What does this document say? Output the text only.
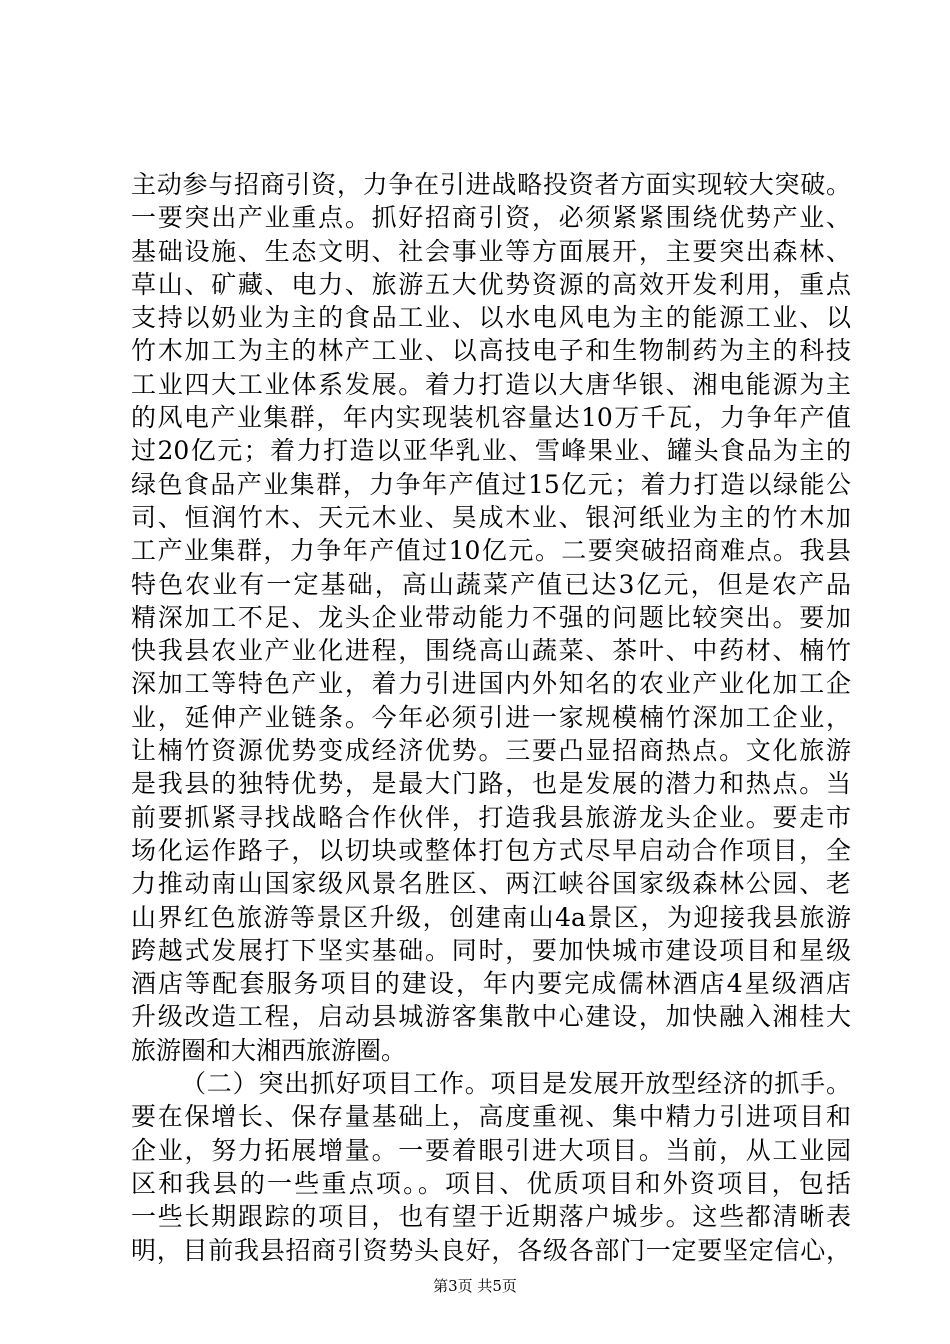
主动参与招商引资，力争在引进战略投资者方面实现较大突破。
一要突出产业重点。抓好招商引资，必须紧紧围绕优势产业、
基础设施、生态文明、社会事业等方面展开，主要突出森林、
草山、矿藏、电力、旅游五大优势资源的高效开发利用，重点
支持以奶业为主的食品工业、以水电风电为主的能源工业、以
竹木加工为主的林产工业、以高技电子和生物制药为主的科技
工业四大工业体系发展。着力打造以大唐华银、湘电能源为主
的风电产业集群，年内实现装机容量达10万千瓦，力争年产值
过20亿元；着力打造以亚华乳业、雪峰果业、罐头食品为主的
绿色食品产业集群，力争年产值过15亿元；着力打造以绿能公
司、恒润竹木、天元木业、昊成木业、银河纸业为主的竹木加
工产业集群，力争年产值过10亿元。二要突破招商难点。我县
特色农业有一定基础，高山蔬菜产值已达3亿元，但是农产品
精深加工不足、龙头企业带动能力不强的问题比较突出。要加
快我县农业产业化进程，围绕高山蔬菜、茶叶、中药材、楠竹
深加工等特色产业，着力引进国内外知名的农业产业化加工企
业，延伸产业链条。今年必须引进一家规模楠竹深加工企业，
让楠竹资源优势变成经济优势。三要凸显招商热点。文化旅游
是我县的独特优势，是最大门路，也是发展的潜力和热点。当
前要抓紧寻找战略合作伙伴，打造我县旅游龙头企业。要走市
场化运作路子，以切块或整体打包方式尽早启动合作项目，全
力推动南山国家级风景名胜区、两江峡谷国家级森林公园、老
山界红色旅游等景区升级，创建南山4a景区，为迎接我县旅游
跨越式发展打下坚实基础。同时，要加快城市建设项目和星级
酒店等配套服务项目的建设，年内要完成儒林酒店4星级酒店
升级改造工程，启动县城游客集散中心建设，加快融入湘桂大
旅游圈和大湘西旅游圈。
（二）突出抓好项目工作。项目是发展开放型经济的抓手。
要在保增长、保存量基础上，高度重视、集中精力引进项目和
企业，努力拓展增量。一要着眼引进大项目。当前，从工业园
区和我县的一些重点项。。项目、优质项目和外资项目，包括
一些长期跟踪的项目，也有望于近期落户城步。这些都清晰表
明，目前我县招商引资势头良好，各级各部门一定要坚定信心，
第3页 共5页
